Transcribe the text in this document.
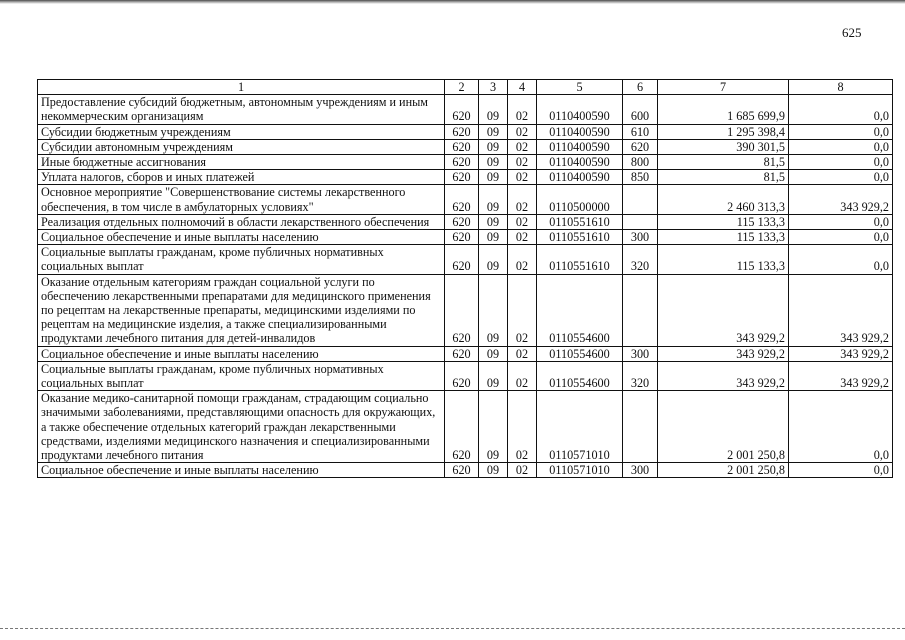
625
1	2	3	4	5	6	7	8
Предоставление субсидий бюджетным, автономным учреждениям и иным некоммерческим организациям	620	09	02	0110400590	600	1 685 699,9	0,0
Субсидии бюджетным учреждениям	620	09	02	0110400590	610	1 295 398,4	0,0
Субсидии автономным учреждениям	620	09	02	0110400590	620	390 301,5	0,0
Иные бюджетные ассигнования	620	09	02	0110400590	800	81,5	0,0
Уплата налогов, сборов и иных платежей	620	09	02	0110400590	850	81,5	0,0
Основное мероприятие "Совершенствование системы лекарственного обеспечения, в том числе в амбулаторных условиях"	620	09	02	0110500000		2 460 313,3	343 929,2
Реализация отдельных полномочий в области лекарственного обеспечения	620	09	02	0110551610		115 133,3	0,0
Социальное обеспечение и иные выплаты населению	620	09	02	0110551610	300	115 133,3	0,0
Социальные выплаты гражданам, кроме публичных нормативных социальных выплат	620	09	02	0110551610	320	115 133,3	0,0
Оказание отдельным категориям граждан социальной услуги по обеспечению лекарственными препаратами для медицинского применения по рецептам на лекарственные препараты, медицинскими изделиями по рецептам на медицинские изделия, а также специализированными продуктами лечебного питания для детей-инвалидов	620	09	02	0110554600		343 929,2	343 929,2
Социальное обеспечение и иные выплаты населению	620	09	02	0110554600	300	343 929,2	343 929,2
Социальные выплаты гражданам, кроме публичных нормативных социальных выплат	620	09	02	0110554600	320	343 929,2	343 929,2
Оказание медико-санитарной помощи гражданам, страдающим социально значимыми заболеваниями, представляющими опасность для окружающих, а также обеспечение отдельных категорий граждан лекарственными средствами, изделиями медицинского назначения и специализированными продуктами лечебного питания	620	09	02	0110571010		2 001 250,8	0,0
Социальное обеспечение и иные выплаты населению	620	09	02	0110571010	300	2 001 250,8	0,0
